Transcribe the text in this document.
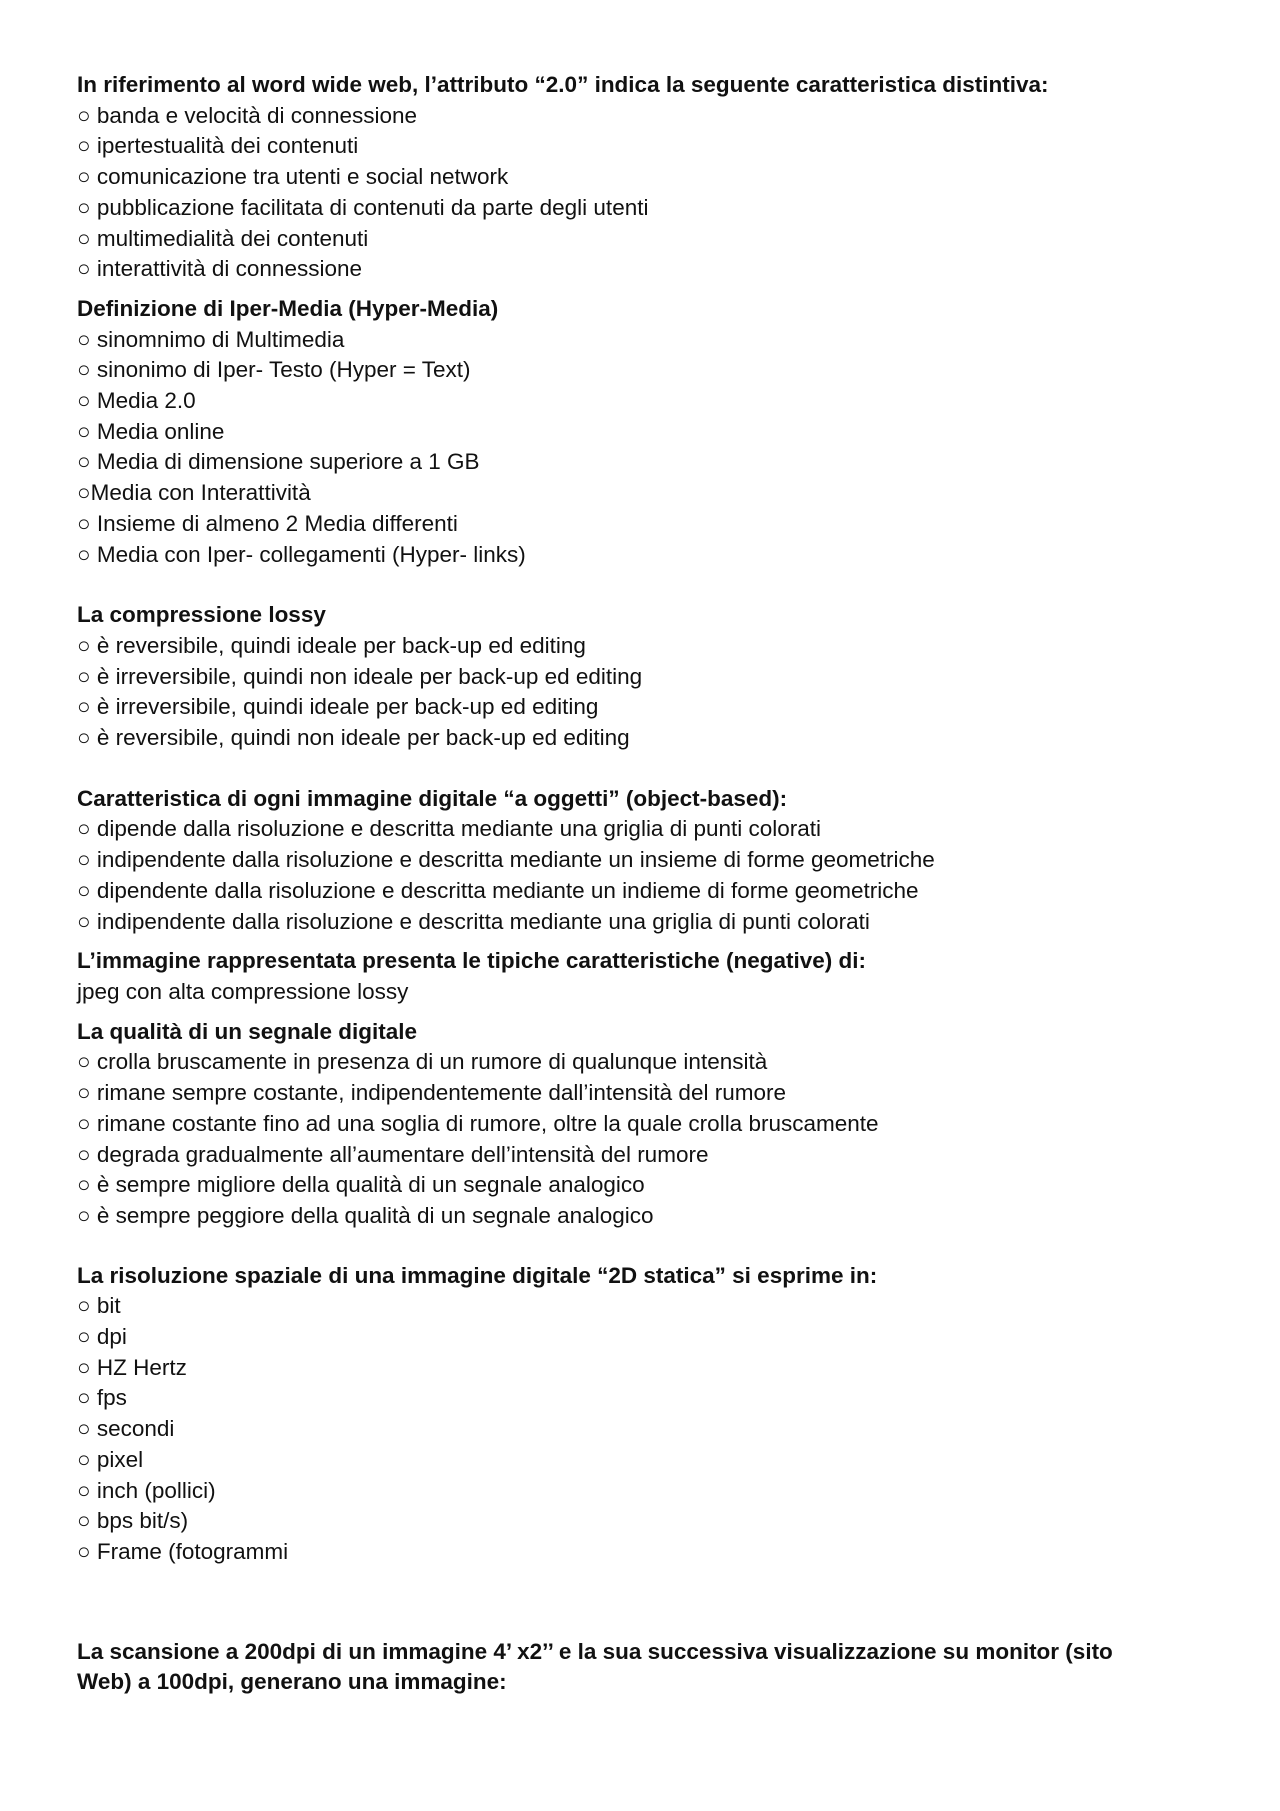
In riferimento al word wide web, l’attributo “2.0” indica la seguente caratteristica distintiva:

○ banda e velocità di connessione

○ ipertestualità dei contenuti

○ comunicazione tra utenti e social network

○ pubblicazione facilitata di contenuti da parte degli utenti

○ multimedialità dei contenuti

○ interattività di connessione

Definizione di Iper-Media (Hyper-Media)

○ sinomnimo di Multimedia

○ sinonimo di Iper- Testo (Hyper = Text)

○ Media 2.0

○ Media online

○ Media di dimensione superiore a 1 GB

○Media con Interattività

○ Insieme di almeno 2 Media differenti

○ Media con Iper- collegamenti (Hyper- links)

La compressione lossy

○ è reversibile, quindi ideale per back-up ed editing

○ è irreversibile, quindi non ideale per back-up ed editing

○ è irreversibile, quindi ideale per back-up ed editing

○ è reversibile, quindi non ideale per back-up ed editing

Caratteristica di ogni immagine digitale “a oggetti” (object-based):

○ dipende dalla risoluzione e descritta mediante una griglia di punti colorati

○ indipendente dalla risoluzione e descritta mediante un insieme di forme geometriche

○ dipendente dalla risoluzione e descritta mediante un indieme di forme geometriche

○ indipendente dalla risoluzione e descritta mediante una griglia di punti colorati

L’immagine rappresentata presenta le tipiche caratteristiche (negative) di:

jpeg con alta compressione lossy

La qualità di un segnale digitale

○ crolla bruscamente in presenza di un rumore di qualunque intensità

○ rimane sempre costante, indipendentemente dall’intensità del rumore

○ rimane costante fino ad una soglia di rumore, oltre la quale crolla bruscamente

○ degrada gradualmente all’aumentare dell’intensità del rumore

○ è sempre migliore della qualità di un segnale analogico

○ è sempre peggiore della qualità di un segnale analogico

La risoluzione spaziale di una immagine digitale “2D statica” si esprime in:

○ bit

○ dpi

○ HZ Hertz

○ fps

○ secondi

○ pixel

○ inch (pollici)

○ bps bit/s)

○ Frame (fotogrammi

La scansione a 200dpi di un immagine 4’ x2’’ e la sua successiva visualizzazione su monitor (sito

Web) a 100dpi, generano una immagine:
